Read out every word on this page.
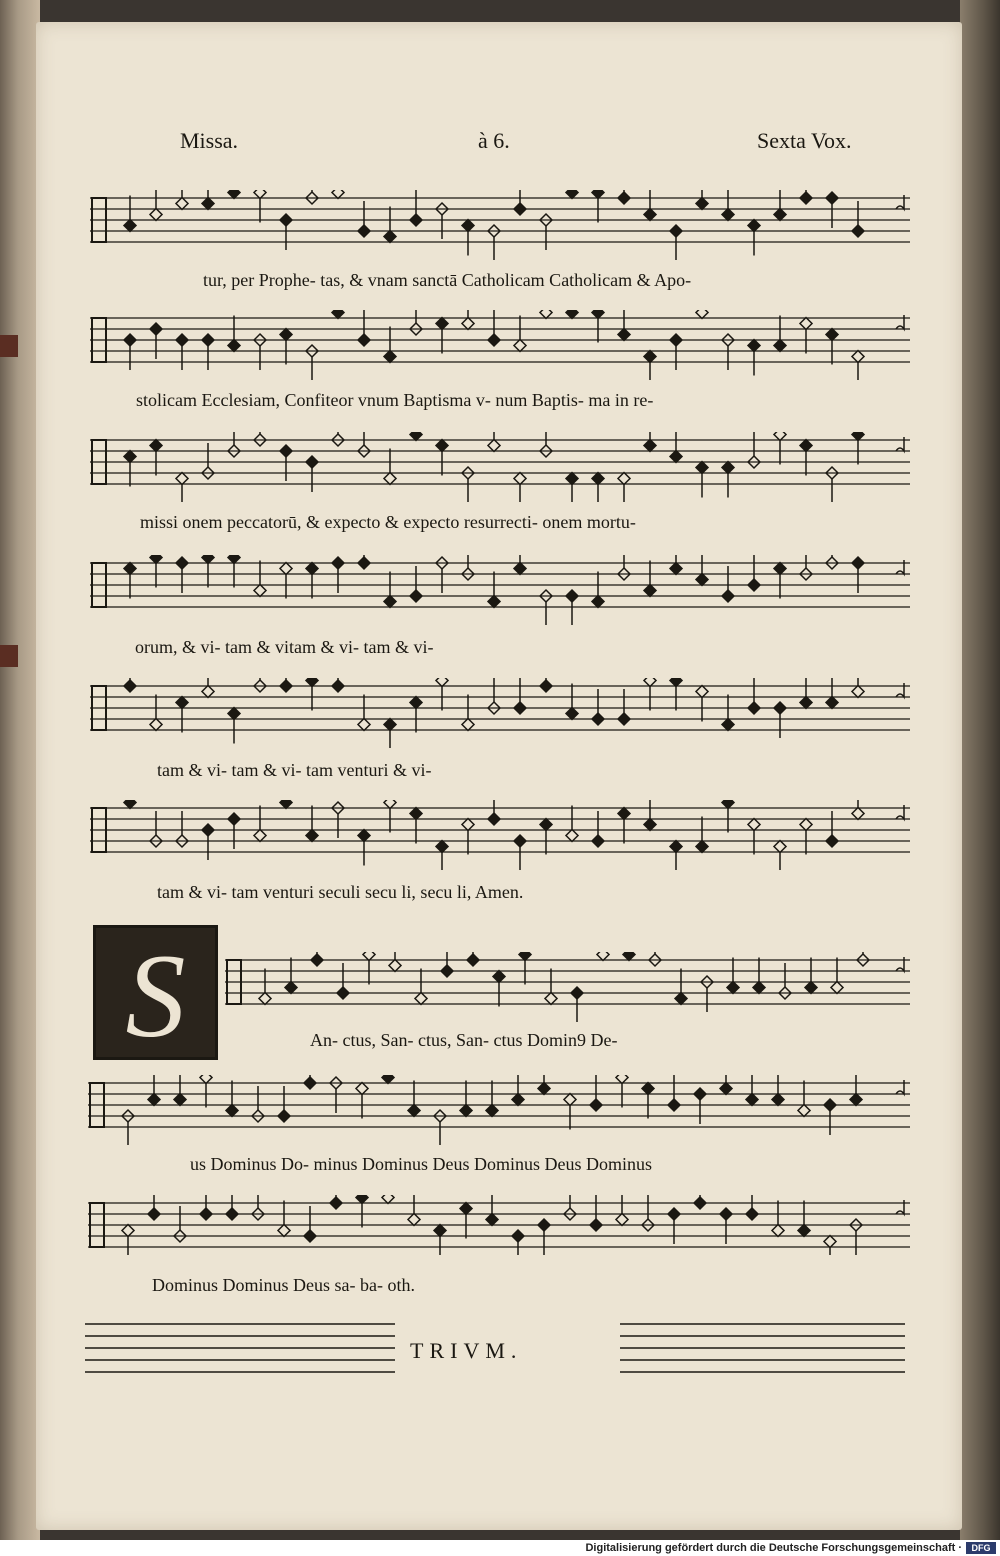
Missa.	à 6.	Sexta Vox.
tur, per Prophe- tas, & vnam sanctā Catholicam Catholicam & Apo-
stolicam Ecclesiam, Confiteor vnum Baptisma v- num Baptis- ma in re-
missi onem peccatorū, & expecto & expecto resurrecti- onem mortu-
orum, & vi- tam & vitam & vi- tam & vi-
tam & vi- tam & vi- tam venturi & vi-
tam & vi- tam venturi seculi secu li, secu li, Amen.
An- ctus, San- ctus, San- ctus Domin9 De-
us Dominus Do- minus Dominus Deus Dominus Deus Dominus
Dominus Dominus Deus sa- ba- oth.
S
TRIVM.
Digitalisierung gefördert durch die Deutsche Forschungsgemeinschaft ·	DFG
